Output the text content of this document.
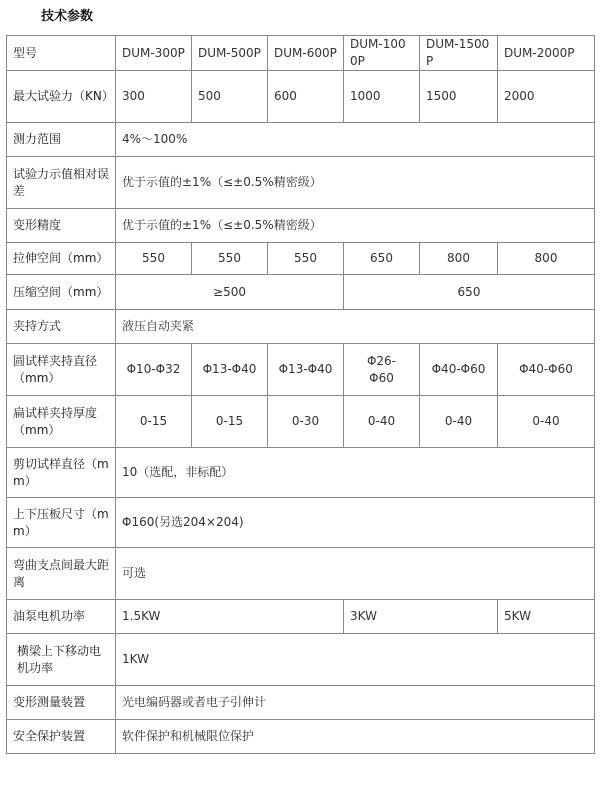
技术参数
型号	DUM-300P	DUM-500P	DUM-600P	DUM-1000P	DUM-1500P	DUM-2000P
最大试验力（KN）	300	500	600	1000	1500	2000
测力范围	4%～100%					
试验力示值相对误差	优于示值的±1%（≤±0.5%精密级）					
变形精度	优于示值的±1%（≤±0.5%精密级）					
拉伸空间（mm）	550	550	550	650	800	800
压缩空间（mm）	≥500			650		
夹持方式	液压自动夹紧					
圆试样夹持直径（mm）	Φ10-Φ32	Φ13-Φ40	Φ13-Φ40	Φ26-Φ60	Φ40-Φ60	Φ40-Φ60
扁试样夹持厚度（mm）	0-15	0-15	0-30	0-40	0-40	0-40
剪切试样直径（mm）	10（选配，非标配）					
上下压板尺寸（mm）	Φ160(另选204×204)					
弯曲支点间最大距离	可选					
油泵电机功率	1.5KW			3KW		5KW
横梁上下移动电机功率	1KW					
变形测量装置	光电编码器或者电子引伸计					
安全保护装置	软件保护和机械限位保护					
